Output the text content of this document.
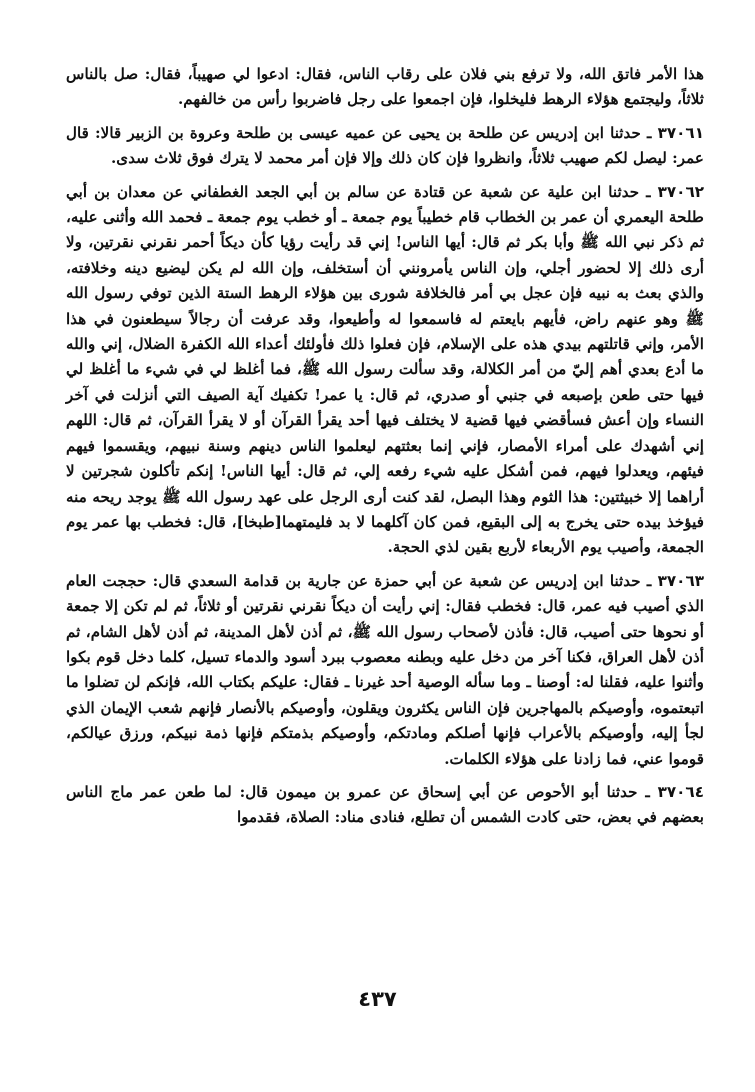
هذا الأمر فاتق الله، ولا ترفع بني فلان على رقاب الناس، فقال: ادعوا لي صهيباً، فقال: صل بالناس ثلاثاً، وليجتمع هؤلاء الرهط فليخلوا، فإن اجمعوا على رجل فاضربوا رأس من خالفهم.

٣٧٠٦١ ـ حدثنا ابن إدريس عن طلحة بن يحيى عن عميه عيسى بن طلحة وعروة بن الزبير قالا: قال عمر: ليصل لكم صهيب ثلاثاً، وانظروا فإن كان ذلك وإلا فإن أمر محمد لا يترك فوق ثلاث سدى.

٣٧٠٦٢ ـ حدثنا ابن علية عن شعبة عن قتادة عن سالم بن أبي الجعد الغطفاني عن معدان بن أبي طلحة اليعمري أن عمر بن الخطاب قام خطيباً يوم جمعة ـ أو خطب يوم جمعة ـ فحمد الله وأثنى عليه، ثم ذكر نبي الله ﷺ وأبا بكر ثم قال: أيها الناس! إني قد رأيت رؤيا كأن ديكاً أحمر نقرني نقرتين، ولا أرى ذلك إلا لحضور أجلي، وإن الناس يأمرونني أن أستخلف، وإن الله لم يكن ليضيع دينه وخلافته، والذي بعث به نبيه فإن عجل بي أمر فالخلافة شورى بين هؤلاء الرهط الستة الذين توفي رسول الله ﷺ وهو عنهم راض، فأيهم بايعتم له فاسمعوا له وأطيعوا، وقد عرفت أن رجالاً سيطعنون في هذا الأمر، وإني قاتلتهم بيدي هذه على الإسلام، فإن فعلوا ذلك فأولئك أعداء الله الكفرة الضلال، إني والله ما أدع بعدي أهم إليّ من أمر الكلالة، وقد سألت رسول الله ﷺ، فما أغلظ لي في شيء ما أغلظ لي فيها حتى طعن بإصبعه في جنبي أو صدري، ثم قال: يا عمر! تكفيك آية الصيف التي أنزلت في آخر النساء وإن أعش فسأقضي فيها قضية لا يختلف فيها أحد يقرأ القرآن أو لا يقرأ القرآن، ثم قال: اللهم إني أشهدك على أمراء الأمصار، فإني إنما بعثتهم ليعلموا الناس دينهم وسنة نبيهم، ويقسموا فيهم فيئهم، ويعدلوا فيهم، فمن أشكل عليه شيء رفعه إلي، ثم قال: أيها الناس! إنكم تأكلون شجرتين لا أراهما إلا خبيثتين: هذا الثوم وهذا البصل، لقد كنت أرى الرجل على عهد رسول الله ﷺ يوجد ريحه منه فيؤخذ بيده حتى يخرج به إلى البقيع، فمن كان آكلهما لا بد فليمتهما[طبخا]، قال: فخطب بها عمر يوم الجمعة، وأصيب يوم الأربعاء لأربع بقين لذي الحجة.

٣٧٠٦٣ ـ حدثنا ابن إدريس عن شعبة عن أبي حمزة عن جارية بن قدامة السعدي قال: حججت العام الذي أصيب فيه عمر، قال: فخطب فقال: إني رأيت أن ديكاً نقرني نقرتين أو ثلاثاً، ثم لم تكن إلا جمعة أو نحوها حتى أصيب، قال: فأذن لأصحاب رسول الله ﷺ، ثم أذن لأهل المدينة، ثم أذن لأهل الشام، ثم أذن لأهل العراق، فكنا آخر من دخل عليه وبطنه معصوب ببرد أسود والدماء تسيل، كلما دخل قوم بكوا وأثنوا عليه، فقلنا له: أوصنا ـ وما سأله الوصية أحد غيرنا ـ فقال: عليكم بكتاب الله، فإنكم لن تضلوا ما اتبعتموه، وأوصيكم بالمهاجرين فإن الناس يكثرون ويقلون، وأوصيكم بالأنصار فإنهم شعب الإيمان الذي لجأ إليه، وأوصيكم بالأعراب فإنها أصلكم ومادتكم، وأوصيكم بذمتكم فإنها ذمة نبيكم، ورزق عيالكم، قوموا عني، فما زادنا على هؤلاء الكلمات.

٣٧٠٦٤ ـ حدثنا أبو الأحوص عن أبي إسحاق عن عمرو بن ميمون قال: لما طعن عمر ماج الناس بعضهم في بعض، حتى كادت الشمس أن تطلع، فنادى مناد: الصلاة، فقدموا

٤٣٧
